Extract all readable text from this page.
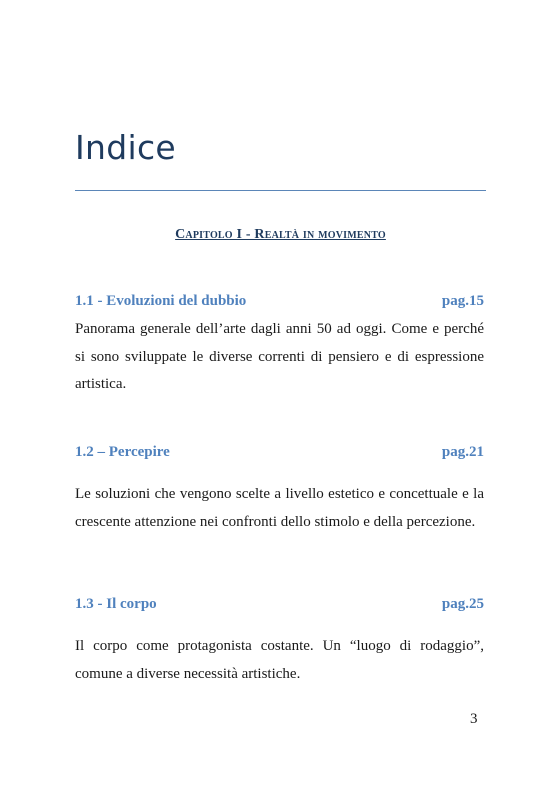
Indice
Capitolo I - Realtà in movimento
1.1 - Evoluzioni del dubbio	pag.15
Panorama generale dell’arte dagli anni 50 ad oggi. Come e perché si sono sviluppate le diverse correnti di pensiero e di espressione artistica.
1.2 – Percepire	pag.21
Le soluzioni che vengono scelte a livello estetico e concettuale e la crescente attenzione nei confronti dello stimolo e della percezione.
1.3 - Il corpo	pag.25
Il corpo come protagonista costante. Un “luogo di rodaggio”, comune a diverse necessità artistiche.
3
